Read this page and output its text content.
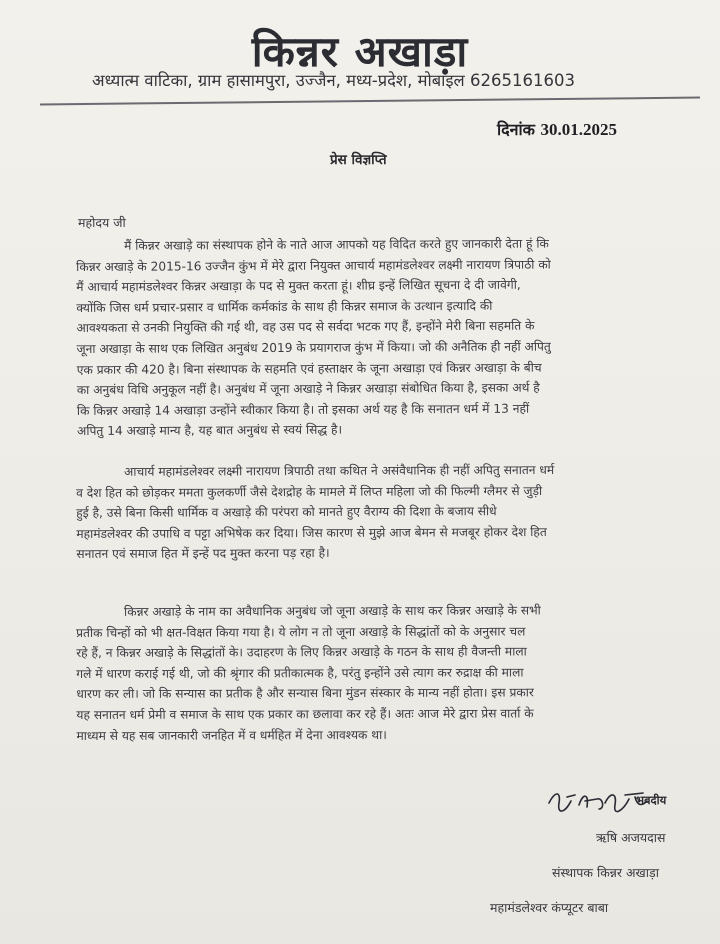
किन्नर अखाड़ा
अध्यात्म वाटिका, ग्राम हासामपुरा, उज्जैन, मध्य-प्रदेश, मोबाइल 6265161603
दिनांक 30.01.2025
प्रेस विज्ञप्ति
महोदय जी
मैं किन्नर अखाड़े का संस्थापक होने के नाते आज आपको यह विदित करते हुए जानकारी देता हूं कि
किन्नर अखाड़े के 2015-16 उज्जैन कुंभ में मेरे द्वारा नियुक्त आचार्य महामंडलेश्वर लक्ष्मी नारायण त्रिपाठी को
मैं आचार्य महामंडलेश्वर किन्नर अखाड़ा के पद से मुक्त करता हूं। शीघ्र इन्हें लिखित सूचना दे दी जावेगी,
क्योंकि जिस धर्म प्रचार-प्रसार व धार्मिक कर्मकांड के साथ ही किन्नर समाज के उत्थान इत्यादि की
आवश्यकता से उनकी नियुक्ति की गई थी, वह उस पद से सर्वदा भटक गए हैं, इन्होंने मेरी बिना सहमति के
जूना अखाड़ा के साथ एक लिखित अनुबंध 2019 के प्रयागराज कुंभ में किया। जो की अनैतिक ही नहीं अपितु
एक प्रकार की 420 है। बिना संस्थापक के सहमति एवं हस्ताक्षर के जूना अखाड़ा एवं किन्नर अखाड़ा के बीच
का अनुबंध विधि अनुकूल नहीं है। अनुबंध में जूना अखाड़े ने किन्नर अखाड़ा संबोधित किया है, इसका अर्थ है
कि किन्नर अखाड़े 14 अखाड़ा उन्होंने स्वीकार किया है। तो इसका अर्थ यह है कि सनातन धर्म में 13 नहीं
अपितु 14 अखाड़े मान्य है, यह बात अनुबंध से स्वयं सिद्ध है।
आचार्य महामंडलेश्वर लक्ष्मी नारायण त्रिपाठी तथा कथित ने असंवैधानिक ही नहीं अपितु सनातन धर्म
व देश हित को छोड़कर ममता कुलकर्णी जैसे देशद्रोह के मामले में लिप्त महिला जो की फिल्मी ग्लैमर से जुड़ी
हुई है, उसे बिना किसी धार्मिक व अखाड़े की परंपरा को मानते हुए वैराग्य की दिशा के बजाय सीधे
महामंडलेश्वर की उपाधि व पट्टा अभिषेक कर दिया। जिस कारण से मुझे आज बेमन से मजबूर होकर देश हित
सनातन एवं समाज हित में इन्हें पद मुक्त करना पड़ रहा है।
किन्नर अखाड़े के नाम का अवैधानिक अनुबंध जो जूना अखाड़े के साथ कर किन्नर अखाड़े के सभी
प्रतीक चिन्हों को भी क्षत-विक्षत किया गया है। ये लोग न तो जूना अखाड़े के सिद्धांतों को के अनुसार चल
रहे हैं, न किन्नर अखाड़े के सिद्धांतों के। उदाहरण के लिए किन्नर अखाड़े के गठन के साथ ही वैजन्ती माला
गले में धारण कराई गई थी, जो की श्रृंगार की प्रतीकात्मक है, परंतु इन्होंने उसे त्याग कर रुद्राक्ष की माला
धारण कर ली। जो कि सन्यास का प्रतीक है और सन्यास बिना मुंडन संस्कार के मान्य नहीं होता। इस प्रकार
यह सनातन धर्म प्रेमी व समाज के साथ एक प्रकार का छलावा कर रहे हैं। अतः आज मेरे द्वारा प्रेस वार्ता के
माध्यम से यह सब जानकारी जनहित में व धर्महित में देना आवश्यक था।
भवदीय
ऋषि अजयदास
संस्थापक किन्नर अखाड़ा
महामंडलेश्वर कंप्यूटर बाबा
